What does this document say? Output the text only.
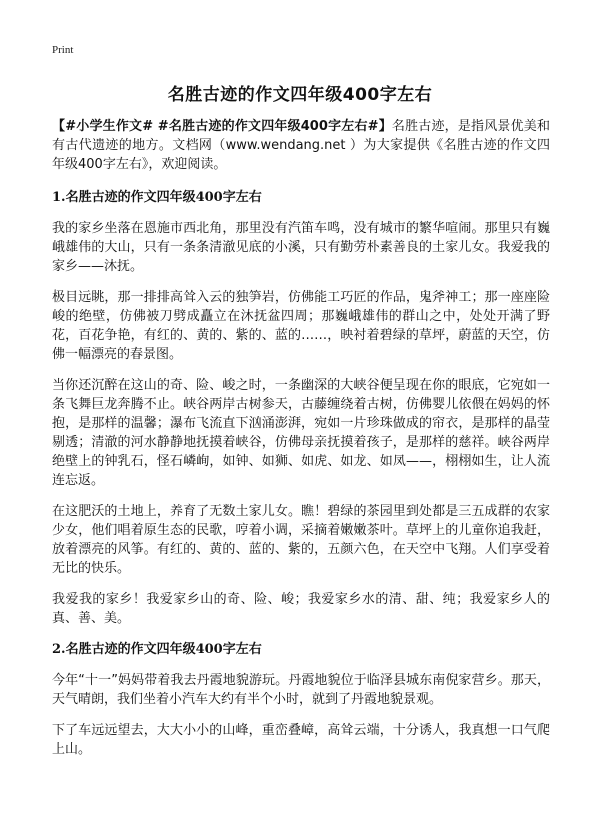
Print
名胜古迹的作文四年级400字左右

【#小学生作文# #名胜古迹的作文四年级400字左右#】名胜古迹，是指风景优美和有古代遗迹的地方。文档网（www.wendang.net ）为大家提供《名胜古迹的作文四年级400字左右》，欢迎阅读。

1.名胜古迹的作文四年级400字左右

我的家乡坐落在恩施市西北角，那里没有汽笛车鸣，没有城市的繁华喧闹。那里只有巍峨雄伟的大山，只有一条条清澈见底的小溪，只有勤劳朴素善良的土家儿女。我爱我的家乡——沐抚。

极目远眺，那一排排高耸入云的独笋岩，仿佛能工巧匠的作品，鬼斧神工；那一座座险峻的绝壁，仿佛被刀劈成矗立在沐抚盆四周；那巍峨雄伟的群山之中，处处开满了野花，百花争艳，有红的、黄的、紫的、蓝的……，映衬着碧绿的草坪，蔚蓝的天空，仿佛一幅漂亮的春景图。

当你还沉醉在这山的奇、险、峻之时，一条幽深的大峡谷便呈现在你的眼底，它宛如一条飞舞巨龙奔腾不止。峡谷两岸古树参天，古藤缠绕着古树，仿佛婴儿依偎在妈妈的怀抱，是那样的温馨；瀑布飞流直下汹涌澎湃，宛如一片珍珠做成的帘衣，是那样的晶莹剔透；清澈的河水静静地抚摸着峡谷，仿佛母亲抚摸着孩子，是那样的慈祥。峡谷两岸绝壁上的钟乳石，怪石嶙峋，如钟、如狮、如虎、如龙、如凤——，栩栩如生，让人流连忘返。

在这肥沃的土地上，养育了无数土家儿女。瞧！碧绿的茶园里到处都是三五成群的农家少女，他们唱着原生态的民歌，哼着小调，采摘着嫩嫩茶叶。草坪上的儿童你追我赶，放着漂亮的风筝。有红的、黄的、蓝的、紫的，五颜六色，在天空中飞翔。人们享受着无比的快乐。

我爱我的家乡！我爱家乡山的奇、险、峻；我爱家乡水的清、甜、纯；我爱家乡人的真、善、美。

2.名胜古迹的作文四年级400字左右

今年“十一”妈妈带着我去丹霞地貌游玩。丹霞地貌位于临泽县城东南倪家营乡。那天，天气晴朗，我们坐着小汽车大约有半个小时，就到了丹霞地貌景观。

下了车远远望去，大大小小的山峰，重峦叠嶂，高耸云端，十分诱人，我真想一口气爬上山。
